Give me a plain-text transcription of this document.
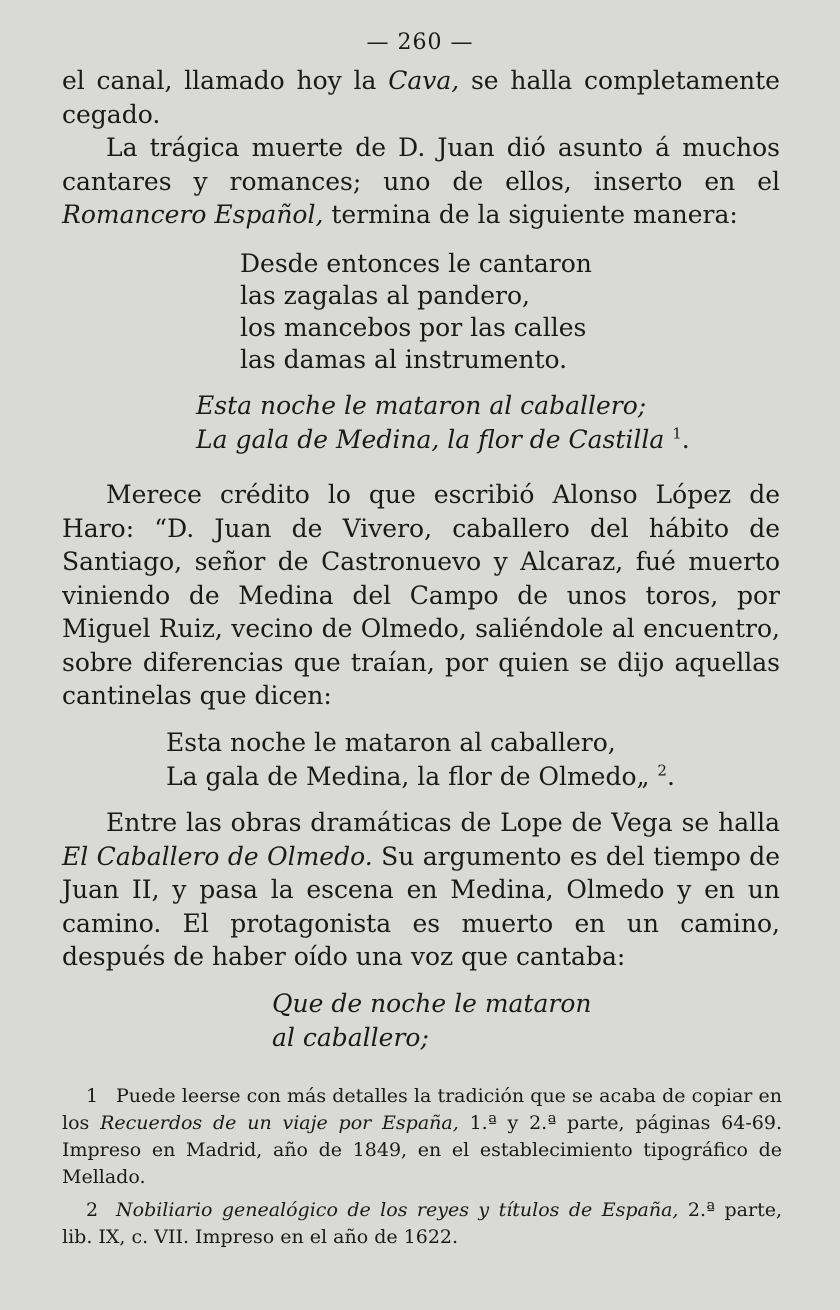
— 260 —

el canal, llamado hoy la Cava, se halla completamente cegado.

La trágica muerte de D. Juan dió asunto á muchos cantares y romances; uno de ellos, inserto en el Romancero Español, termina de la siguiente manera:

Desde entonces le cantaron
las zagalas al pandero,
los mancebos por las calles
las damas al instrumento.
Esta noche le mataron al caballero;
La gala de Medina, la flor de Castilla $^1$.

Merece crédito lo que escribió Alonso López de Haro: “D. Juan de Vivero, caballero del hábito de Santiago, señor de Castronuevo y Alcaraz, fué muerto viniendo de Medina del Campo de unos toros, por Miguel Ruiz, vecino de Olmedo, saliéndole al encuentro, sobre diferencias que traían, por quien se dijo aquellas cantinelas que dicen:

Esta noche le mataron al caballero,
La gala de Medina, la flor de Olmedo„ $^2$.

Entre las obras dramáticas de Lope de Vega se halla El Caballero de Olmedo. Su argumento es del tiempo de Juan II, y pasa la escena en Medina, Olmedo y en un camino. El protagonista es muerto en un camino, después de haber oído una voz que cantaba:

Que de noche le mataron
al caballero;

1 Puede leerse con más detalles la tradición que se acaba de copiar en los Recuerdos de un viaje por España, 1.ª y 2.ª parte, páginas 64-69. Impreso en Madrid, año de 1849, en el establecimiento tipográfico de Mellado.

2 Nobiliario genealógico de los reyes y títulos de España, 2.ª parte, lib. IX, c. VII. Impreso en el año de 1622.
